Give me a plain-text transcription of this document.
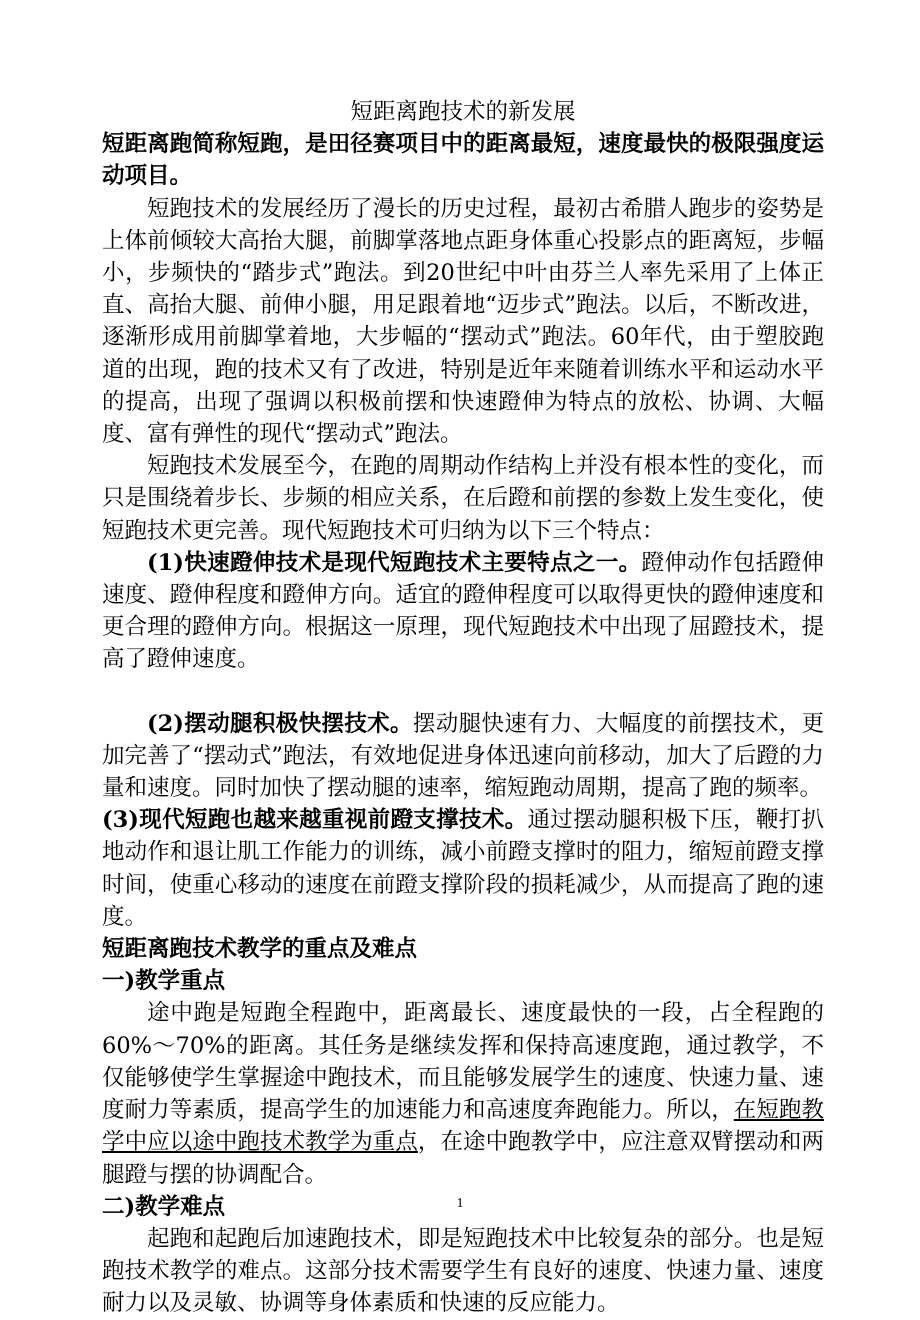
短距离跑技术的新发展

短距离跑简称短跑，是田径赛项目中的距离最短，速度最快的极限强度运动项目。

短跑技术的发展经历了漫长的历史过程，最初古希腊人跑步的姿势是上体前倾较大高抬大腿，前脚掌落地点距身体重心投影点的距离短，步幅小，步频快的“踏步式”跑法。到20世纪中叶由芬兰人率先采用了上体正直、高抬大腿、前伸小腿，用足跟着地“迈步式”跑法。以后，不断改进，逐渐形成用前脚掌着地，大步幅的“摆动式”跑法。60年代，由于塑胶跑道的出现，跑的技术又有了改进，特别是近年来随着训练水平和运动水平的提高，出现了强调以积极前摆和快速蹬伸为特点的放松、协调、大幅度、富有弹性的现代“摆动式”跑法。

短跑技术发展至今，在跑的周期动作结构上并没有根本性的变化，而只是围绕着步长、步频的相应关系，在后蹬和前摆的参数上发生变化，使短跑技术更完善。现代短跑技术可归纳为以下三个特点：

(1)快速蹬伸技术是现代短跑技术主要特点之一。蹬伸动作包括蹬伸速度、蹬伸程度和蹬伸方向。适宜的蹬伸程度可以取得更快的蹬伸速度和更合理的蹬伸方向。根据这一原理，现代短跑技术中出现了屈蹬技术，提高了蹬伸速度。

(2)摆动腿积极快摆技术。摆动腿快速有力、大幅度的前摆技术，更加完善了“摆动式”跑法，有效地促进身体迅速向前移动，加大了后蹬的力量和速度。同时加快了摆动腿的速率，缩短跑动周期，提高了跑的频率。

(3)现代短跑也越来越重视前蹬支撑技术。通过摆动腿积极下压，鞭打扒地动作和退让肌工作能力的训练，减小前蹬支撑时的阻力，缩短前蹬支撑时间，使重心移动的速度在前蹬支撑阶段的损耗减少，从而提高了跑的速度。

短距离跑技术教学的重点及难点

一)教学重点

途中跑是短跑全程跑中，距离最长、速度最快的一段，占全程跑的60%～70%的距离。其任务是继续发挥和保持高速度跑，通过教学，不仅能够使学生掌握途中跑技术，而且能够发展学生的速度、快速力量、速度耐力等素质，提高学生的加速能力和高速度奔跑能力。所以，在短跑教学中应以途中跑技术教学为重点，在途中跑教学中，应注意双臂摆动和两腿蹬与摆的协调配合。

二)教学难点

起跑和起跑后加速跑技术，即是短跑技术中比较复杂的部分。也是短跑技术教学的难点。这部分技术需要学生有良好的速度、快速力量、速度耐力以及灵敏、协调等身体素质和快速的反应能力。

1
